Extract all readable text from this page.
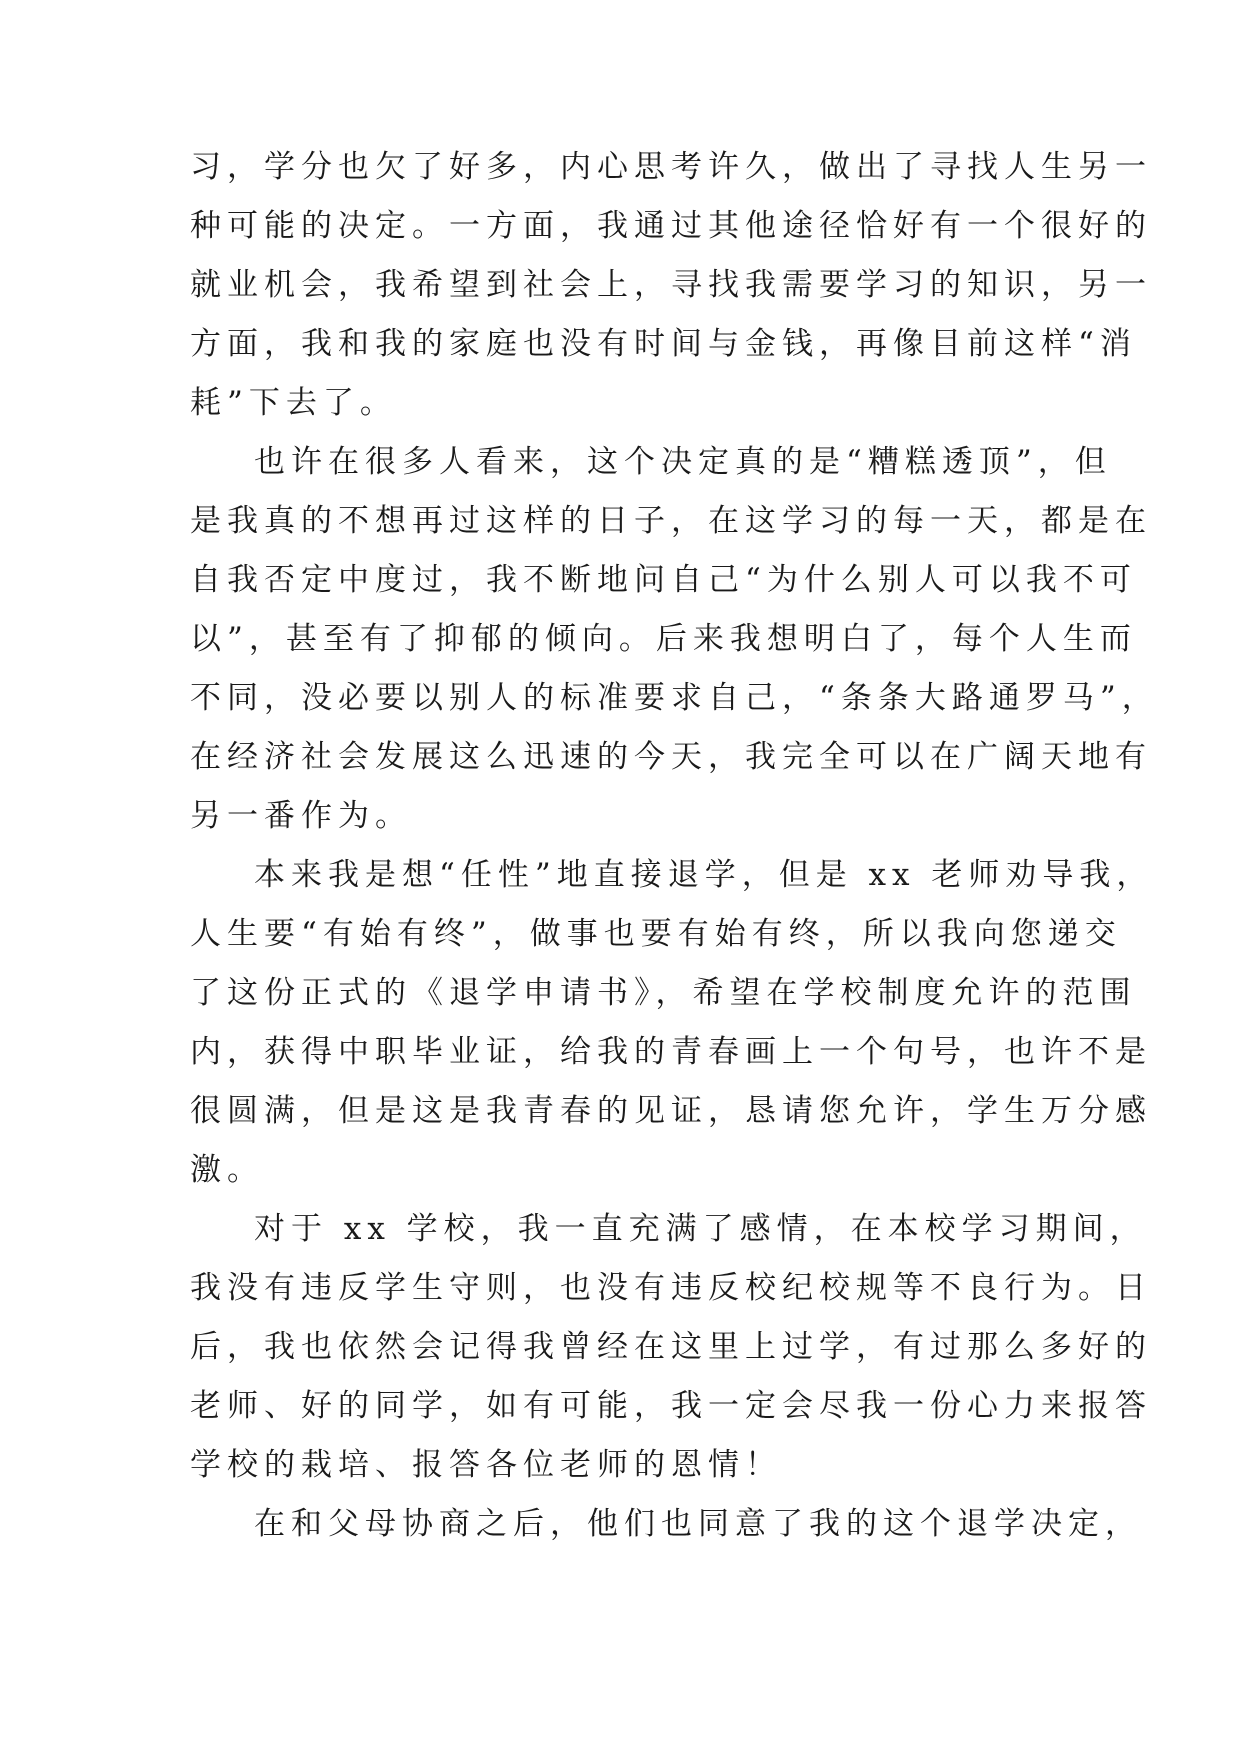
习，学分也欠了好多，内心思考许久，做出了寻找人生另一
种可能的决定。一方面，我通过其他途径恰好有一个很好的
就业机会，我希望到社会上，寻找我需要学习的知识，另一
方面，我和我的家庭也没有时间与金钱，再像目前这样“消
耗”下去了。
也许在很多人看来，这个决定真的是“糟糕透顶”，但
是我真的不想再过这样的日子，在这学习的每一天，都是在
自我否定中度过，我不断地问自己“为什么别人可以我不可
以”，甚至有了抑郁的倾向。后来我想明白了，每个人生而
不同，没必要以别人的标准要求自己，“条条大路通罗马”，
在经济社会发展这么迅速的今天，我完全可以在广阔天地有
另一番作为。
本来我是想“任性”地直接退学，但是 xx 老师劝导我，
人生要“有始有终”，做事也要有始有终，所以我向您递交
了这份正式的《退学申请书》，希望在学校制度允许的范围
内，获得中职毕业证，给我的青春画上一个句号，也许不是
很圆满，但是这是我青春的见证，恳请您允许，学生万分感
激。
对于 xx 学校，我一直充满了感情，在本校学习期间，
我没有违反学生守则，也没有违反校纪校规等不良行为。日
后，我也依然会记得我曾经在这里上过学，有过那么多好的
老师、好的同学，如有可能，我一定会尽我一份心力来报答
学校的栽培、报答各位老师的恩情！
在和父母协商之后，他们也同意了我的这个退学决定，
